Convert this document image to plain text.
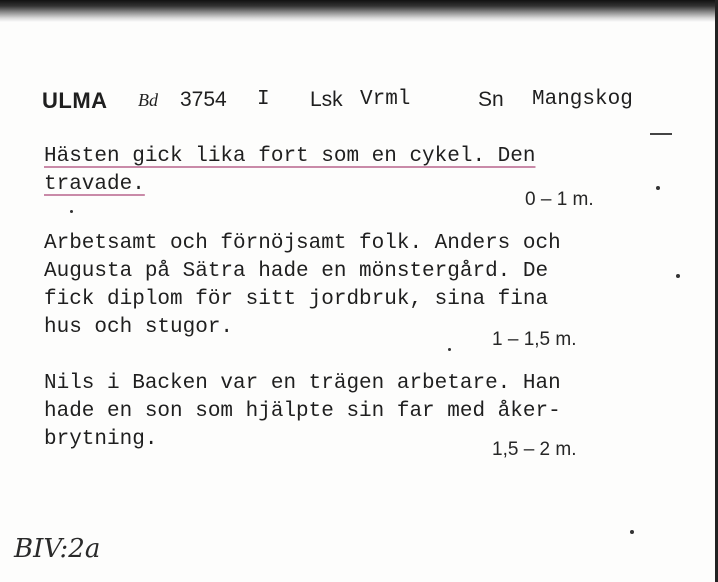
ULMA Bd 3754 I Lsk Vrml	Sn Mangskog
Hästen gick lika fort som en cykel. Den
travade.
0 – 1 m.
Arbetsamt och förnöjsamt folk. Anders och
Augusta på Sätra hade en mönstergård. De
fick diplom för sitt jordbruk, sina fina
hus och stugor.
1 – 1,5 m.
Nils i Backen var en trägen arbetare. Han
hade en son som hjälpte sin far med åker-
brytning.	1,5 – 2 m.
BIV:2a
